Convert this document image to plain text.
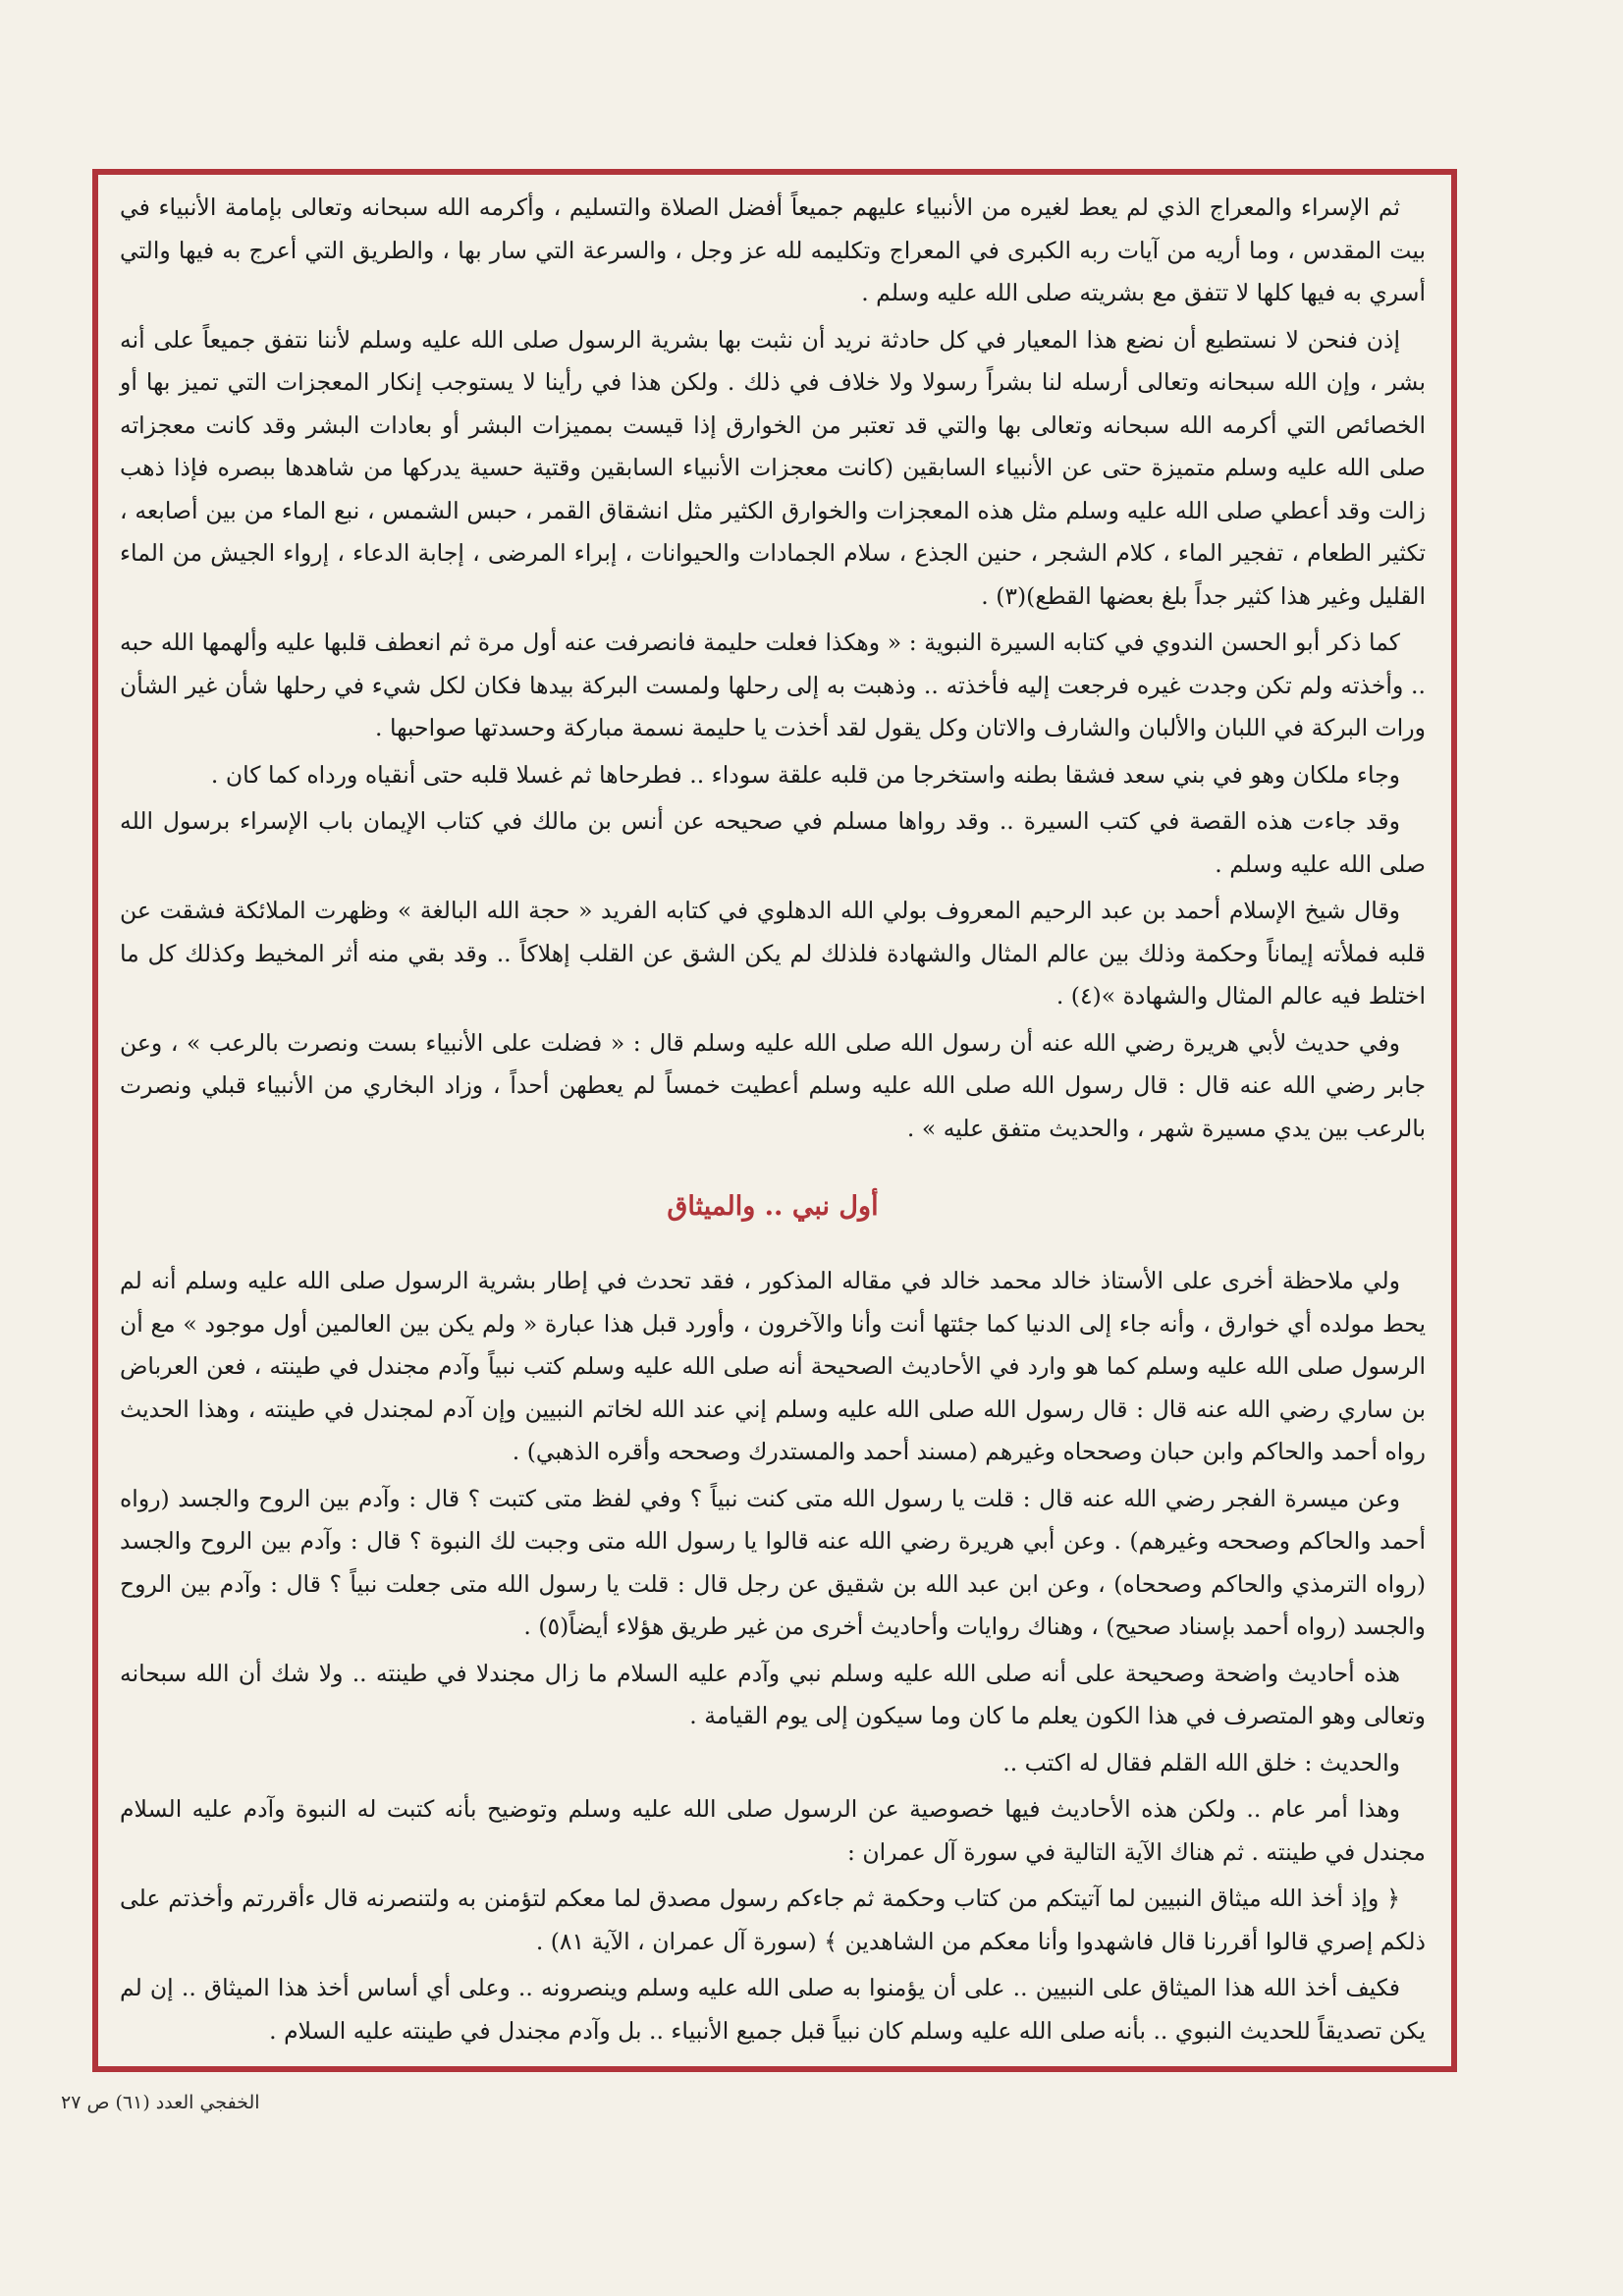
ثم الإسراء والمعراج الذي لم يعط لغيره من الأنبياء عليهم جميعاً أفضل الصلاة والتسليم ، وأكرمه الله سبحانه وتعالى بإمامة الأنبياء في بيت المقدس ، وما أريه من آيات ربه الكبرى في المعراج وتكليمه لله عز وجل ، والسرعة التي سار بها ، والطريق التي أعرج به فيها والتي أسري به فيها كلها لا تتفق مع بشريته صلى الله عليه وسلم .

إذن فنحن لا نستطيع أن نضع هذا المعيار في كل حادثة نريد أن نثبت بها بشرية الرسول صلى الله عليه وسلم لأننا نتفق جميعاً على أنه بشر ، وإن الله سبحانه وتعالى أرسله لنا بشراً رسولا ولا خلاف في ذلك . ولكن هذا في رأينا لا يستوجب إنكار المعجزات التي تميز بها أو الخصائص التي أكرمه الله سبحانه وتعالى بها والتي قد تعتبر من الخوارق إذا قيست بمميزات البشر أو بعادات البشر وقد كانت معجزاته صلى الله عليه وسلم متميزة حتى عن الأنبياء السابقين (كانت معجزات الأنبياء السابقين وقتية حسية يدركها من شاهدها ببصره فإذا ذهب زالت وقد أعطي صلى الله عليه وسلم مثل هذه المعجزات والخوارق الكثير مثل انشقاق القمر ، حبس الشمس ، نبع الماء من بين أصابعه ، تكثير الطعام ، تفجير الماء ، كلام الشجر ، حنين الجذع ، سلام الجمادات والحيوانات ، إبراء المرضى ، إجابة الدعاء ، إرواء الجيش من الماء القليل وغير هذا كثير جداً بلغ بعضها القطع)(٣) .

كما ذكر أبو الحسن الندوي في كتابه السيرة النبوية : « وهكذا فعلت حليمة فانصرفت عنه أول مرة ثم انعطف قلبها عليه وألهمها الله حبه .. وأخذته ولم تكن وجدت غيره فرجعت إليه فأخذته .. وذهبت به إلى رحلها ولمست البركة بيدها فكان لكل شيء في رحلها شأن غير الشأن ورات البركة في اللبان والألبان والشارف والاتان وكل يقول لقد أخذت يا حليمة نسمة مباركة وحسدتها صواحبها .

وجاء ملكان وهو في بني سعد فشقا بطنه واستخرجا من قلبه علقة سوداء .. فطرحاها ثم غسلا قلبه حتى أنقياه ورداه كما كان .

وقد جاءت هذه القصة في كتب السيرة .. وقد رواها مسلم في صحيحه عن أنس بن مالك في كتاب الإيمان باب الإسراء برسول الله صلى الله عليه وسلم .

وقال شيخ الإسلام أحمد بن عبد الرحيم المعروف بولي الله الدهلوي في كتابه الفريد « حجة الله البالغة » وظهرت الملائكة فشقت عن قلبه فملأته إيماناً وحكمة وذلك بين عالم المثال والشهادة فلذلك لم يكن الشق عن القلب إهلاكاً .. وقد بقي منه أثر المخيط وكذلك كل ما اختلط فيه عالم المثال والشهادة »(٤) .

وفي حديث لأبي هريرة رضي الله عنه أن رسول الله صلى الله عليه وسلم قال : « فضلت على الأنبياء بست ونصرت بالرعب » ، وعن جابر رضي الله عنه قال : قال رسول الله صلى الله عليه وسلم أعطيت خمساً لم يعطهن أحداً ، وزاد البخاري من الأنبياء قبلي ونصرت بالرعب بين يدي مسيرة شهر ، والحديث متفق عليه » .

أول نبي .. والميثاق

ولي ملاحظة أخرى على الأستاذ خالد محمد خالد في مقاله المذكور ، فقد تحدث في إطار بشرية الرسول صلى الله عليه وسلم أنه لم يحط مولده أي خوارق ، وأنه جاء إلى الدنيا كما جئتها أنت وأنا والآخرون ، وأورد قبل هذا عبارة « ولم يكن بين العالمين أول موجود » مع أن الرسول صلى الله عليه وسلم كما هو وارد في الأحاديث الصحيحة أنه صلى الله عليه وسلم كتب نبياً وآدم مجندل في طينته ، فعن العرباض بن ساري رضي الله عنه قال : قال رسول الله صلى الله عليه وسلم إني عند الله لخاتم النبيين وإن آدم لمجندل في طينته ، وهذا الحديث رواه أحمد والحاكم وابن حبان وصححاه وغيرهم (مسند أحمد والمستدرك وصححه وأقره الذهبي) .

وعن ميسرة الفجر رضي الله عنه قال : قلت يا رسول الله متى كنت نبياً ؟ وفي لفظ متى كتبت ؟ قال : وآدم بين الروح والجسد (رواه أحمد والحاكم وصححه وغيرهم) . وعن أبي هريرة رضي الله عنه قالوا يا رسول الله متى وجبت لك النبوة ؟ قال : وآدم بين الروح والجسد (رواه الترمذي والحاكم وصححاه) ، وعن ابن عبد الله بن شقيق عن رجل قال : قلت يا رسول الله متى جعلت نبياً ؟ قال : وآدم بين الروح والجسد (رواه أحمد بإسناد صحيح) ، وهناك روايات وأحاديث أخرى من غير طريق هؤلاء أيضاً(٥) .

هذه أحاديث واضحة وصحيحة على أنه صلى الله عليه وسلم نبي وآدم عليه السلام ما زال مجندلا في طينته .. ولا شك أن الله سبحانه وتعالى وهو المتصرف في هذا الكون يعلم ما كان وما سيكون إلى يوم القيامة .

والحديث : خلق الله القلم فقال له اكتب ..

وهذا أمر عام .. ولكن هذه الأحاديث فيها خصوصية عن الرسول صلى الله عليه وسلم وتوضيح بأنه كتبت له النبوة وآدم عليه السلام مجندل في طينته . ثم هناك الآية التالية في سورة آل عمران :

﴿ وإذ أخذ الله ميثاق النبيين لما آتيتكم من كتاب وحكمة ثم جاءكم رسول مصدق لما معكم لتؤمنن به ولتنصرنه قال ءأقررتم وأخذتم على ذلكم إصري قالوا أقررنا قال فاشهدوا وأنا معكم من الشاهدين ﴾ (سورة آل عمران ، الآية ٨١) .

فكيف أخذ الله هذا الميثاق على النبيين .. على أن يؤمنوا به صلى الله عليه وسلم وينصرونه .. وعلى أي أساس أخذ هذا الميثاق .. إن لم يكن تصديقاً للحديث النبوي .. بأنه صلى الله عليه وسلم كان نبياً قبل جميع الأنبياء .. بل وآدم مجندل في طينته عليه السلام .

الخفجي العدد (٦١) ص ٢٧
